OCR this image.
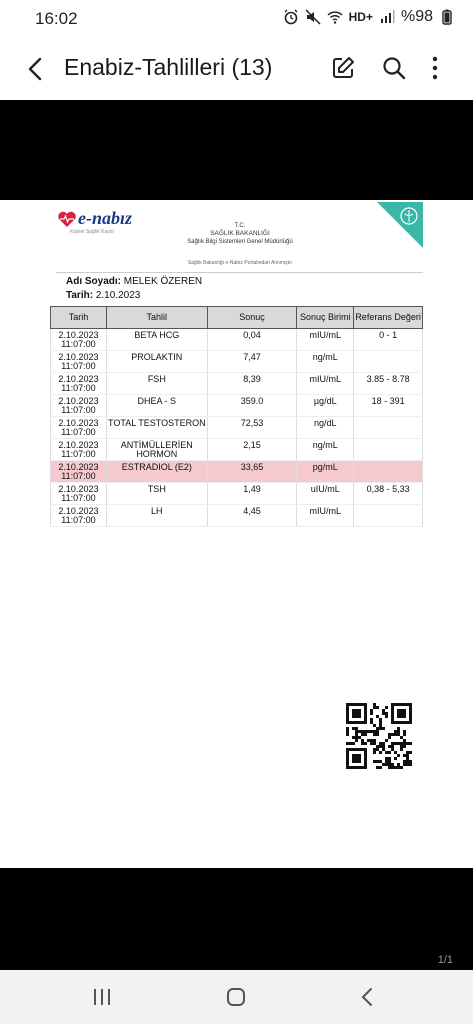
16:02	HD+ %98
Enabiz-Tahlilleri (13)
e-nabız
Kişisel Sağlık Kaydı
T.C.
SAĞLIK BAKANLIĞI
Sağlık Bilgi Sistemleri Genel Müdürlüğü
Sağlık Bakanlığı e-Nabız Portalından Alınmıştır
Adı Soyadı: MELEK ÖZEREN
Tarih: 2.10.2023
Tarih	Tahlil	Sonuç	Sonuç Birimi	Referans Değeri

2.10.2023
11:07:00	BETA HCG	0,04	mIU/mL	0 - 1

2.10.2023
11:07:00	PROLAKTIN	7,47	ng/mL	

2.10.2023
11:07:00	FSH	8,39	mIU/mL	3.85 - 8.78

2.10.2023
11:07:00	DHEA - S	359.0	µg/dL	18 - 391

2.10.2023
11:07:00	TOTAL TESTOSTERON	72,53	ng/dL	

2.10.2023
11:07:00	ANTİMÜLLERİEN HORMON	2,15	ng/mL	

2.10.2023
11:07:00	ESTRADIOL (E2)	33,65	pg/mL	

2.10.2023
11:07:00	TSH	1,49	uIU/mL	0,38 - 5,33

2.10.2023
11:07:00	LH	4,45	mIU/mL	
1/1
